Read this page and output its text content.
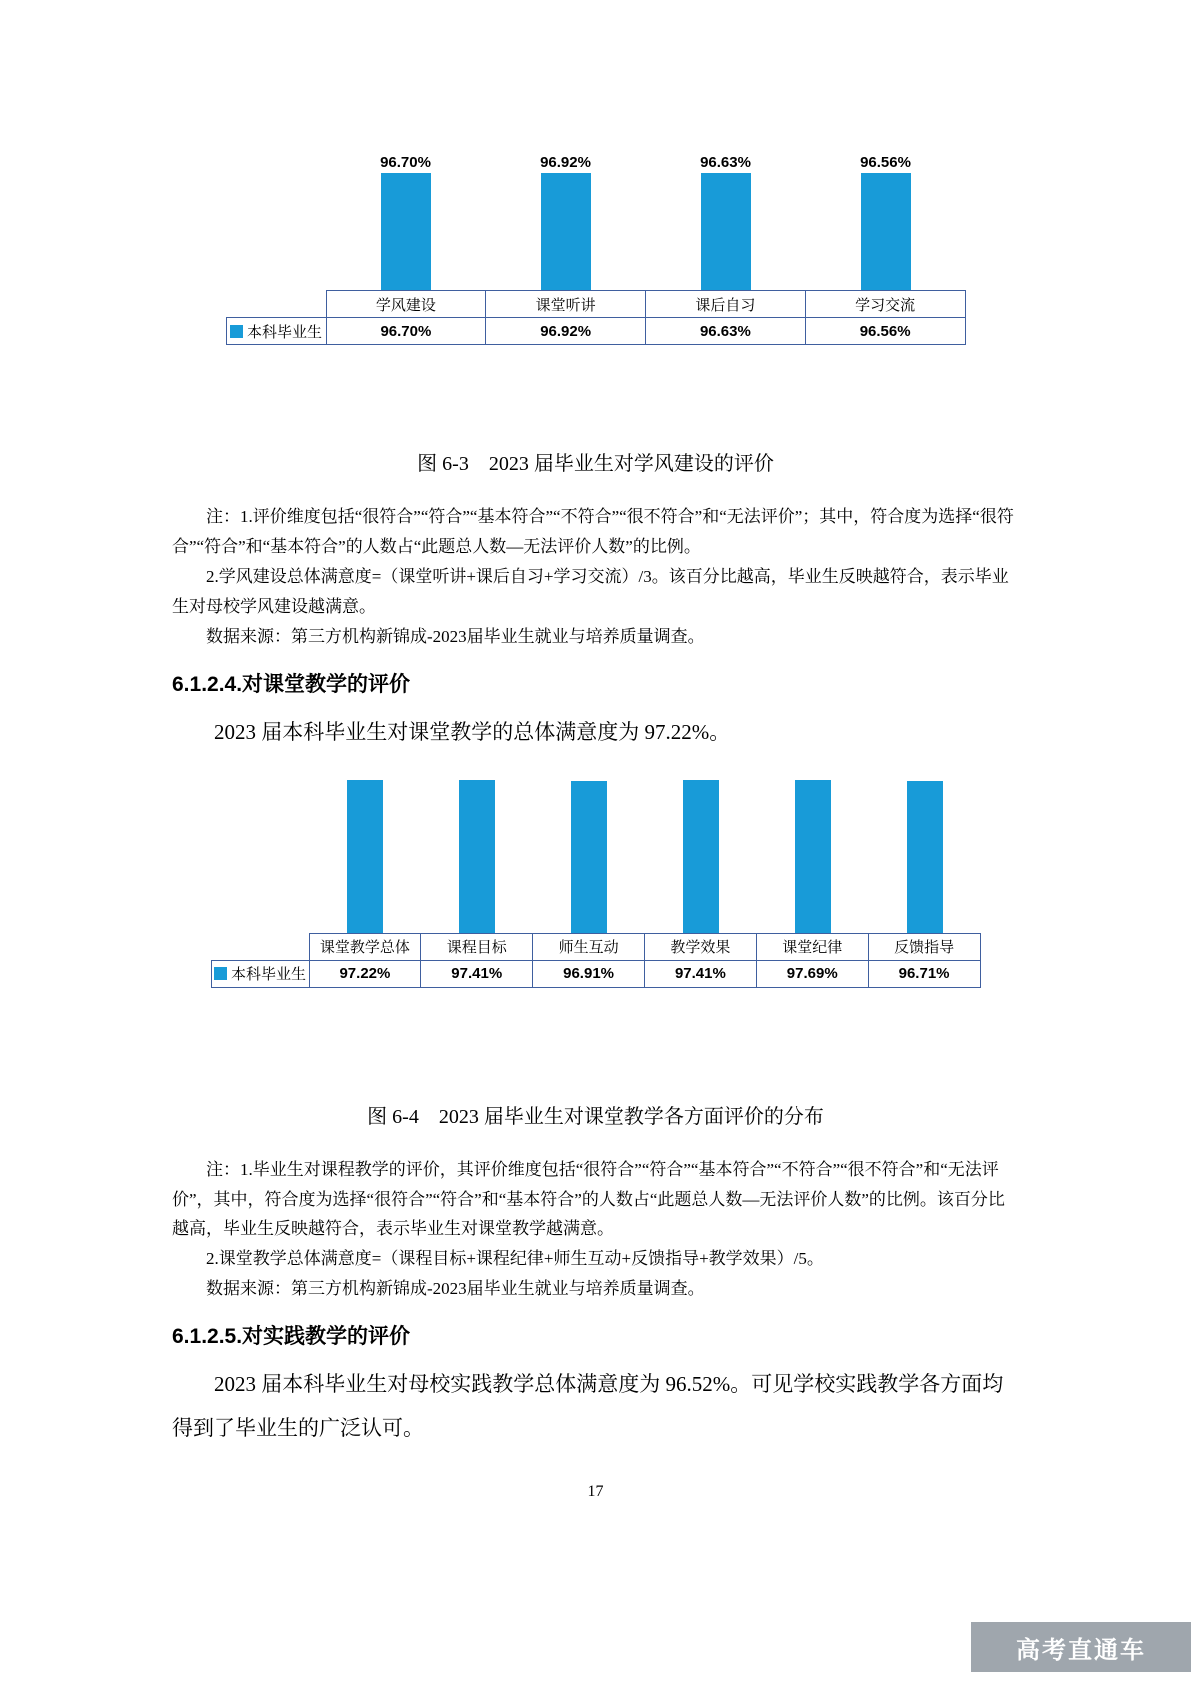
96.70%	96.92%	96.63%	96.56%
	学风建设	课堂听讲	课后自习	学习交流
本科毕业生	96.70%	96.92%	96.63%	96.56%
图 6-3　2023 届毕业生对学风建设的评价

注：1.评价维度包括“很符合”“符合”“基本符合”“不符合”“很不符合”和“无法评价”；其中，符合度为选择“很符合”“符合”和“基本符合”的人数占“此题总人数—无法评价人数”的比例。

2.学风建设总体满意度=（课堂听讲+课后自习+学习交流）/3。该百分比越高，毕业生反映越符合，表示毕业生对母校学风建设越满意。

数据来源：第三方机构新锦成-2023届毕业生就业与培养质量调查。

6.1.2.4.对课堂教学的评价
2023 届本科毕业生对课堂教学的总体满意度为 97.22%。
	课堂教学总体	课程目标	师生互动	教学效果	课堂纪律	反馈指导
本科毕业生	97.22%	97.41%	96.91%	97.41%	97.69%	96.71%
图 6-4　2023 届毕业生对课堂教学各方面评价的分布

注：1.毕业生对课程教学的评价，其评价维度包括“很符合”“符合”“基本符合”“不符合”“很不符合”和“无法评价”，其中，符合度为选择“很符合”“符合”和“基本符合”的人数占“此题总人数—无法评价人数”的比例。该百分比越高，毕业生反映越符合，表示毕业生对课堂教学越满意。

2.课堂教学总体满意度=（课程目标+课程纪律+师生互动+反馈指导+教学效果）/5。

数据来源：第三方机构新锦成-2023届毕业生就业与培养质量调查。

6.1.2.5.对实践教学的评价
2023 届本科毕业生对母校实践教学总体满意度为 96.52%。可见学校实践教学各方面均得到了毕业生的广泛认可。
17
高考直通车
